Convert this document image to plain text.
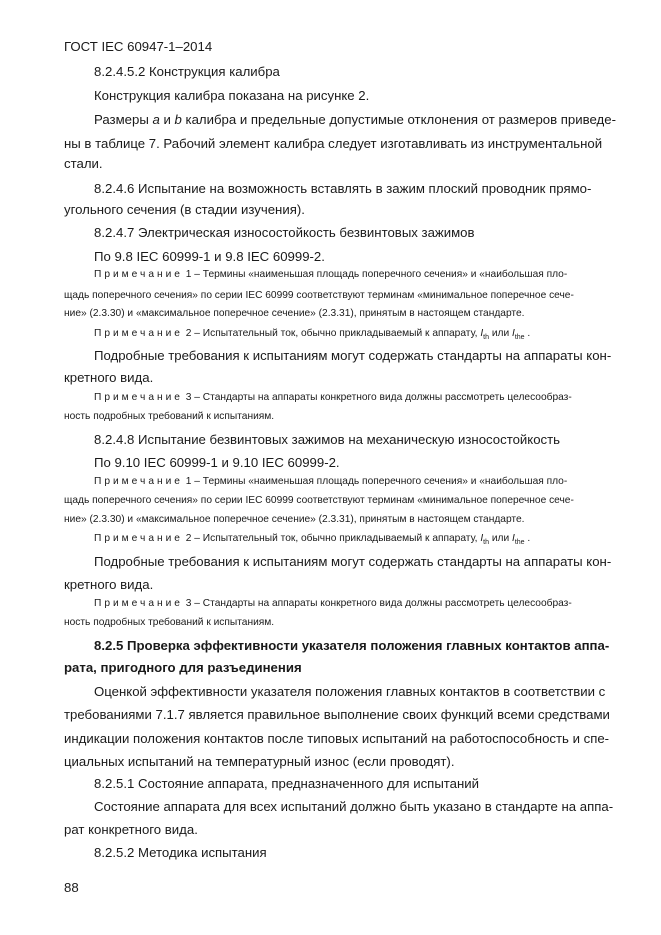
ГОСТ IEC 60947-1–2014
8.2.4.5.2 Конструкция калибра
Конструкция калибра показана на рисунке 2.
Размеры a и b калибра и предельные допустимые отклонения от размеров приведе-
ны в таблице 7. Рабочий элемент калибра следует изготавливать из инструментальной
стали.
8.2.4.6 Испытание на возможность вставлять в зажим плоский проводник прямо-
угольного сечения (в стадии изучения).
8.2.4.7 Электрическая износостойкость безвинтовых зажимов
По 9.8 IEC 60999-1 и 9.8 IEC 60999-2.
Примечание 1 – Термины «наименьшая площадь поперечного сечения» и «наибольшая пло-
щадь поперечного сечения» по серии IEC 60999 соответствуют терминам «минимальное поперечное сече-
ние» (2.3.30) и «максимальное поперечное сечение» (2.3.31), принятым в настоящем стандарте.
Примечание 2 – Испытательный ток, обычно прикладываемый к аппарату, $I_{th}$ или $I_{the}$ .
Подробные требования к испытаниям могут содержать стандарты на аппараты кон-
кретного вида.
Примечание 3 – Стандарты на аппараты конкретного вида должны рассмотреть целесообраз-
ность подробных требований к испытаниям.
8.2.4.8 Испытание безвинтовых зажимов на механическую износостойкость
По 9.10 IEC 60999-1 и 9.10 IEC 60999-2.
Примечание 1 – Термины «наименьшая площадь поперечного сечения» и «наибольшая пло-
щадь поперечного сечения» по серии IEC 60999 соответствуют терминам «минимальное поперечное сече-
ние» (2.3.30) и «максимальное поперечное сечение» (2.3.31), принятым в настоящем стандарте.
Примечание 2 – Испытательный ток, обычно прикладываемый к аппарату, $I_{th}$ или $I_{the}$ .
Подробные требования к испытаниям могут содержать стандарты на аппараты кон-
кретного вида.
Примечание 3 – Стандарты на аппараты конкретного вида должны рассмотреть целесообраз-
ность подробных требований к испытаниям.
8.2.5 Проверка эффективности указателя положения главных контактов аппа-
рата, пригодного для разъединения
Оценкой эффективности указателя положения главных контактов в соответствии с
требованиями 7.1.7 является правильное выполнение своих функций всеми средствами
индикации положения контактов после типовых испытаний на работоспособность и спе-
циальных испытаний на температурный износ (если проводят).
8.2.5.1 Состояние аппарата, предназначенного для испытаний
Состояние аппарата для всех испытаний должно быть указано в стандарте на аппа-
рат конкретного вида.
8.2.5.2 Методика испытания
88
